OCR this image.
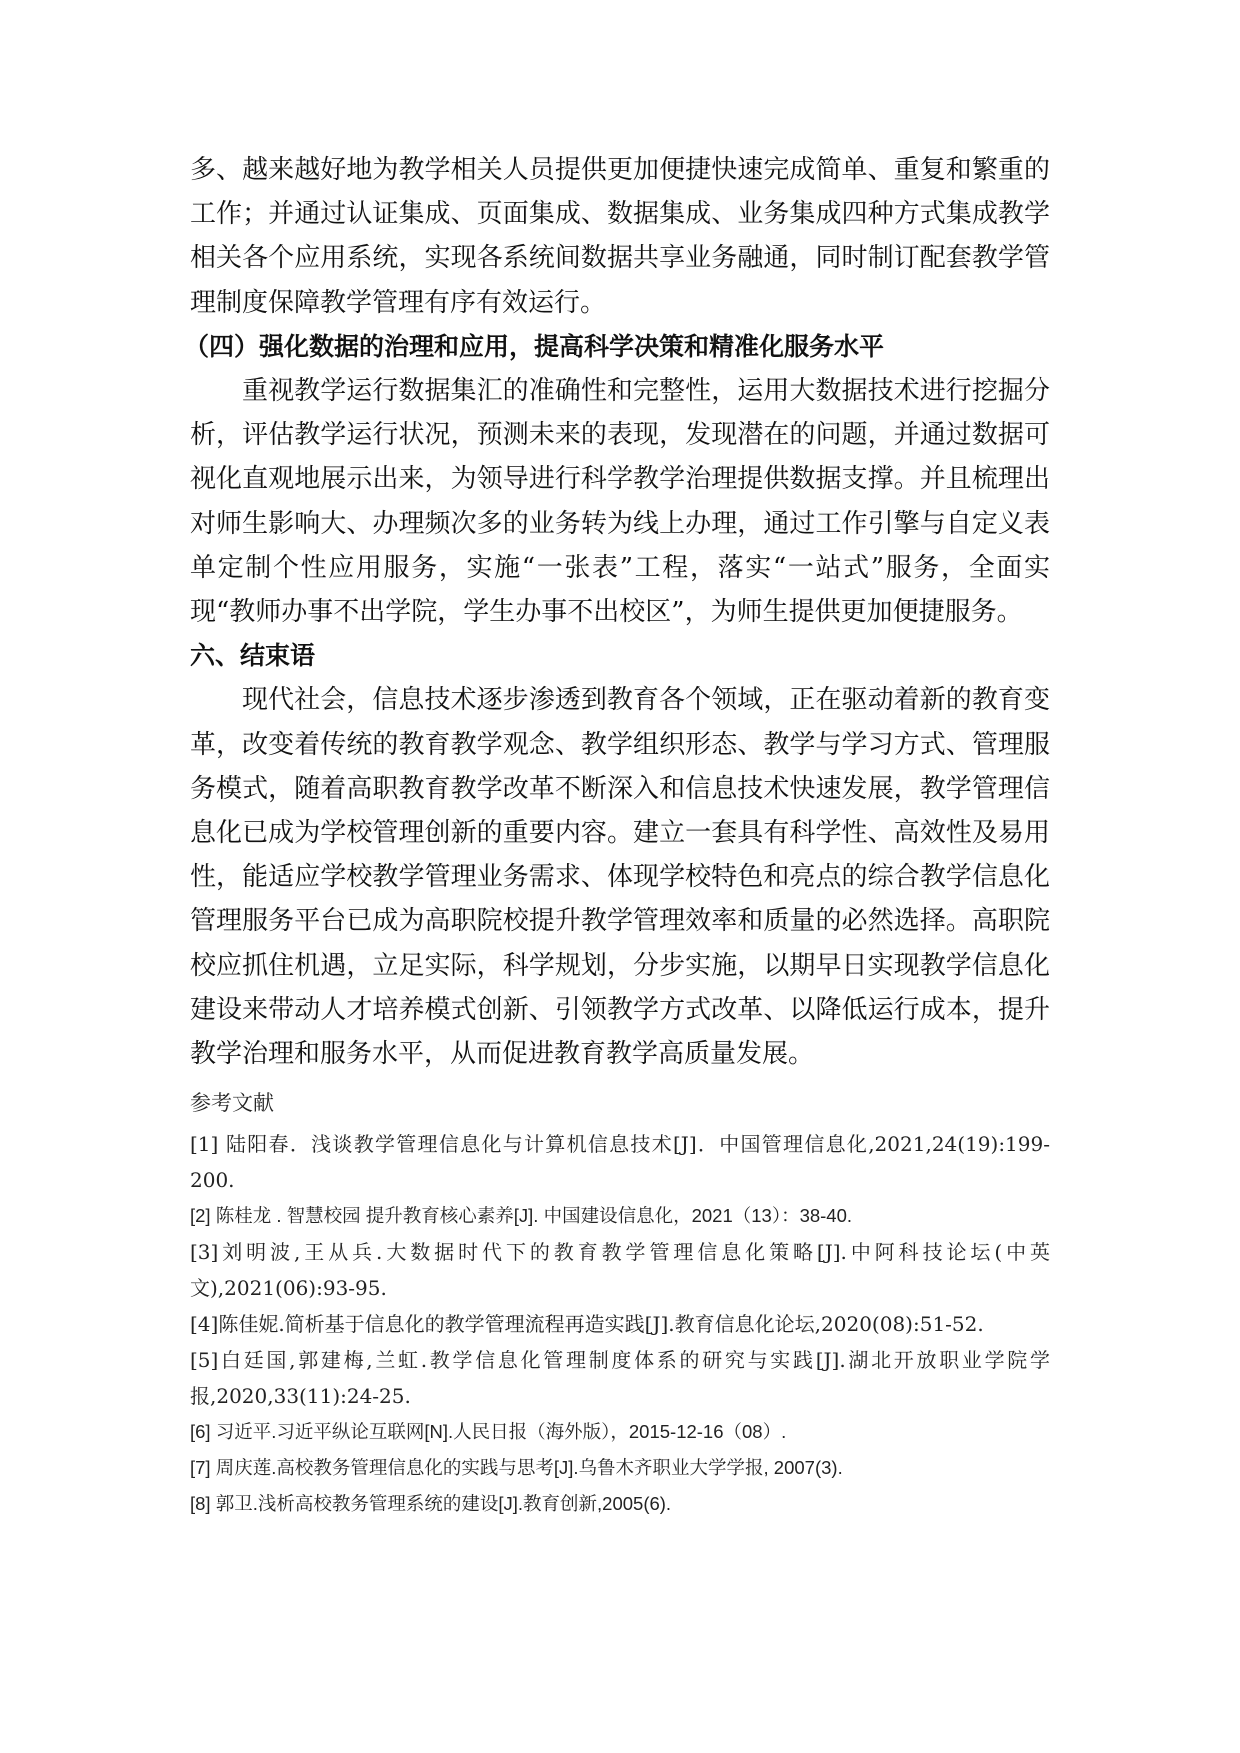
多、越来越好地为教学相关人员提供更加便捷快速完成简单、重复和繁重的工作；并通过认证集成、页面集成、数据集成、业务集成四种方式集成教学相关各个应用系统，实现各系统间数据共享业务融通，同时制订配套教学管理制度保障教学管理有序有效运行。

（四）强化数据的治理和应用，提高科学决策和精准化服务水平

重视教学运行数据集汇的准确性和完整性，运用大数据技术进行挖掘分析，评估教学运行状况，预测未来的表现，发现潜在的问题，并通过数据可视化直观地展示出来，为领导进行科学教学治理提供数据支撑。并且梳理出对师生影响大、办理频次多的业务转为线上办理，通过工作引擎与自定义表单定制个性应用服务，实施“一张表”工程，落实“一站式”服务，全面实现“教师办事不出学院，学生办事不出校区”，为师生提供更加便捷服务。

六、结束语

现代社会，信息技术逐步渗透到教育各个领域，正在驱动着新的教育变革，改变着传统的教育教学观念、教学组织形态、教学与学习方式、管理服务模式，随着高职教育教学改革不断深入和信息技术快速发展，教学管理信息化已成为学校管理创新的重要内容。建立一套具有科学性、高效性及易用性，能适应学校教学管理业务需求、体现学校特色和亮点的综合教学信息化管理服务平台已成为高职院校提升教学管理效率和质量的必然选择。高职院校应抓住机遇，立足实际，科学规划，分步实施，以期早日实现教学信息化建设来带动人才培养模式创新、引领教学方式改革、以降低运行成本，提升教学治理和服务水平，从而促进教育教学高质量发展。

参考文献

[1] 陆阳春．浅谈教学管理信息化与计算机信息技术[J]．中国管理信息化,2021,24(19):199-200.

[2] 陈桂龙 . 智慧校园 提升教育核心素养[J]. 中国建设信息化，2021（13）：38-40.

[3]刘明波,王从兵.大数据时代下的教育教学管理信息化策略[J].中阿科技论坛(中英文),2021(06):93-95.

[4]陈佳妮.简析基于信息化的教学管理流程再造实践[J].教育信息化论坛,2020(08):51-52.

[5]白廷国,郭建梅,兰虹.教学信息化管理制度体系的研究与实践[J].湖北开放职业学院学报,2020,33(11):24-25.

[6] 习近平.习近平纵论互联网[N].人民日报（海外版），2015-12-16（08）.

[7] 周庆莲.高校教务管理信息化的实践与思考[J].乌鲁木齐职业大学学报, 2007(3).

[8] 郭卫.浅析高校教务管理系统的建设[J].教育创新,2005(6).
